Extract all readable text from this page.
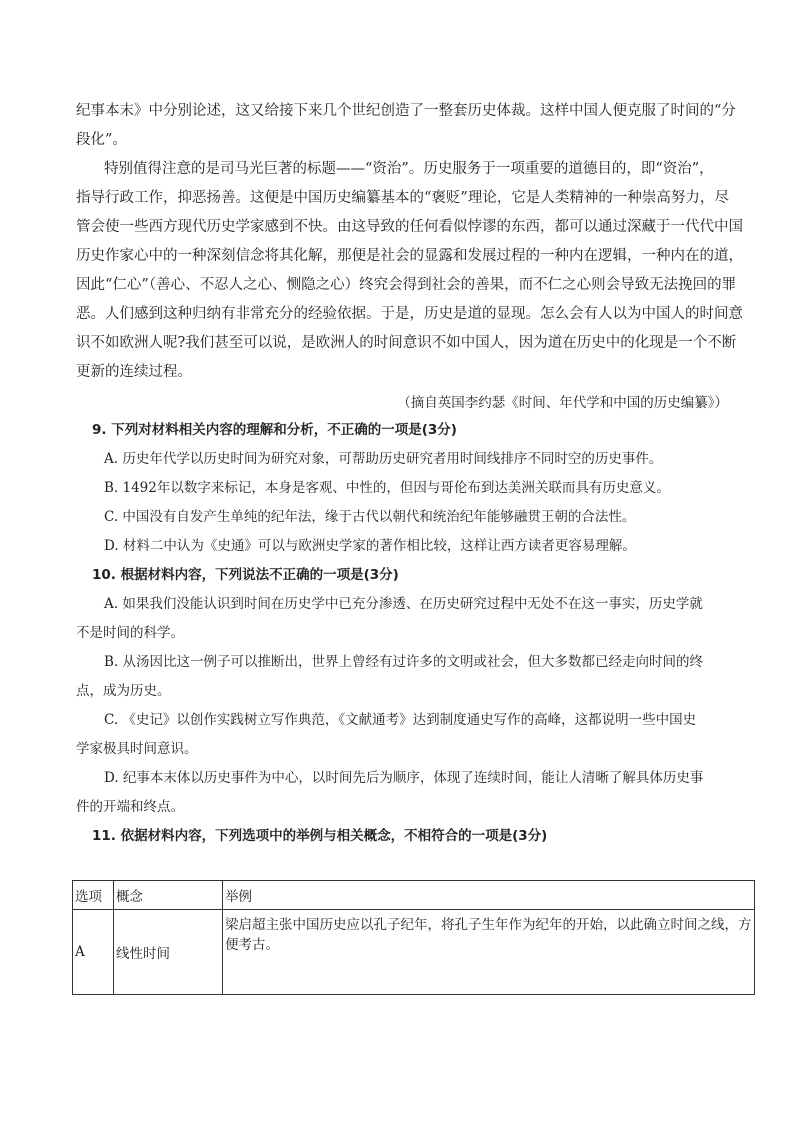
纪事本末》中分别论述，这又给接下来几个世纪创造了一整套历史体裁。这样中国人便克服了时间的“分
段化”。
特别值得注意的是司马光巨著的标题——“资治”。历史服务于一项重要的道德目的，即“资治”，
指导行政工作，抑恶扬善。这便是中国历史编纂基本的“褒贬”理论，它是人类精神的一种崇高努力，尽
管会使一些西方现代历史学家感到不快。由这导致的任何看似悖谬的东西，都可以通过深藏于一代代中国
历史作家心中的一种深刻信念将其化解，那便是社会的显露和发展过程的一种内在逻辑，一种内在的道，
因此“仁心”（善心、不忍人之心、恻隐之心）终究会得到社会的善果，而不仁之心则会导致无法挽回的罪
恶。人们感到这种归纳有非常充分的经验依据。于是，历史是道的显现。怎么会有人以为中国人的时间意
识不如欧洲人呢?我们甚至可以说，是欧洲人的时间意识不如中国人，因为道在历史中的化现是一个不断
更新的连续过程。
（摘自英国李约瑟《时间、年代学和中国的历史编纂》）
9. 下列对材料相关内容的理解和分析，不正确的一项是(3分)
A. 历史年代学以历史时间为研究对象，可帮助历史研究者用时间线排序不同时空的历史事件。
B. 1492年以数字来标记，本身是客观、中性的，但因与哥伦布到达美洲关联而具有历史意义。
C. 中国没有自发产生单纯的纪年法，缘于古代以朝代和统治纪年能够融贯王朝的合法性。
D. 材料二中认为《史通》可以与欧洲史学家的著作相比较，这样让西方读者更容易理解。
10. 根据材料内容，下列说法不正确的一项是(3分)
A. 如果我们没能认识到时间在历史学中已充分渗透、在历史研究过程中无处不在这一事实，历史学就
不是时间的科学。
B. 从汤因比这一例子可以推断出，世界上曾经有过许多的文明或社会，但大多数都已经走向时间的终
点，成为历史。
C. 《史记》以创作实践树立写作典范，《文献通考》达到制度通史写作的高峰，这都说明一些中国史
学家极具时间意识。
D. 纪事本末体以历史事件为中心，以时间先后为顺序，体现了连续时间，能让人清晰了解具体历史事
件的开端和终点。
11. 依据材料内容，下列选项中的举例与相关概念，不相符合的一项是(3分)
选项	概念	举例
A	线性时间	梁启超主张中国历史应以孔子纪年，将孔子生年作为纪年的开始，以此确立时间之线，方便考古。
